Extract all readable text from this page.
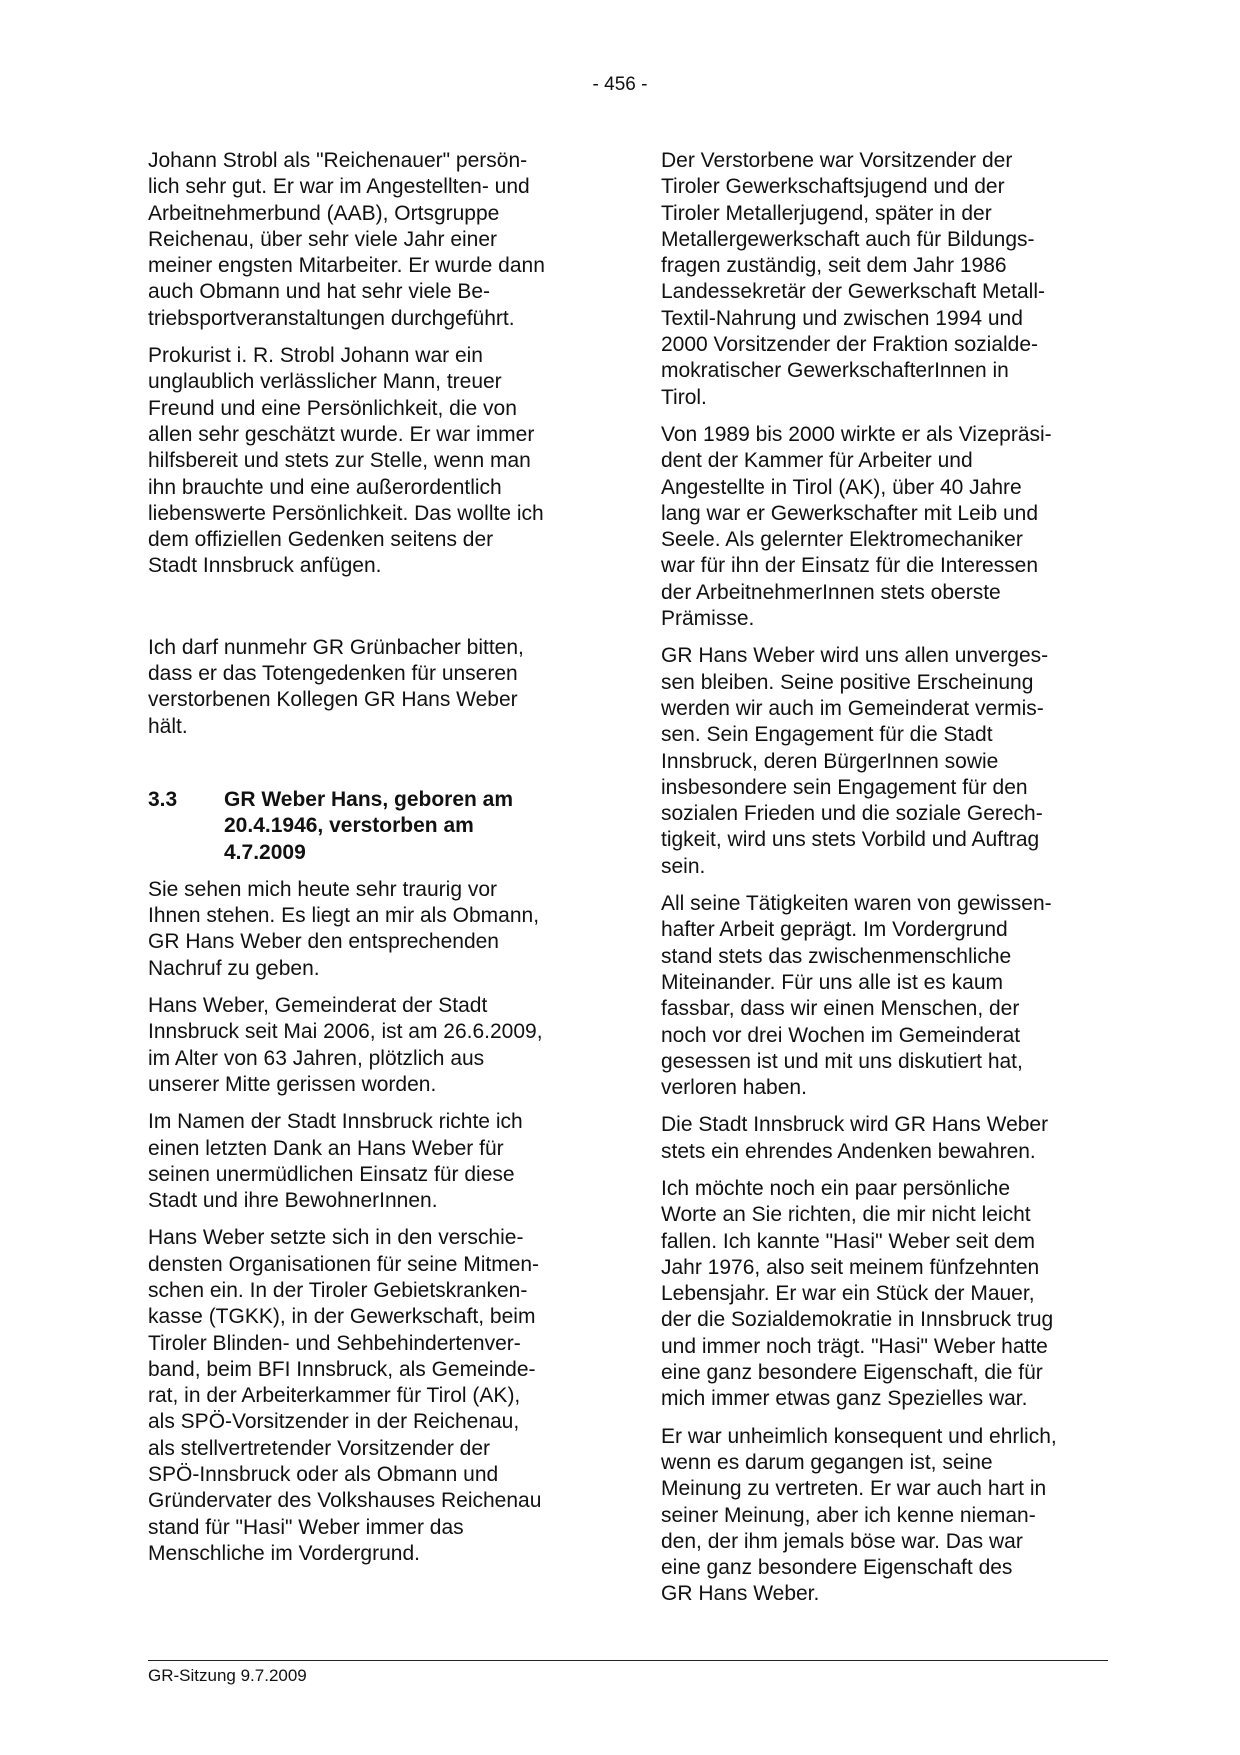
- 456 -

Johann Strobl als "Reichenauer" persön-
lich sehr gut. Er war im Angestellten- und
Arbeitnehmerbund (AAB), Ortsgruppe
Reichenau, über sehr viele Jahr einer
meiner engsten Mitarbeiter. Er wurde dann
auch Obmann und hat sehr viele Be-
triebsportveranstaltungen durchgeführt.

Prokurist i. R. Strobl Johann war ein
unglaublich verlässlicher Mann, treuer
Freund und eine Persönlichkeit, die von
allen sehr geschätzt wurde. Er war immer
hilfsbereit und stets zur Stelle, wenn man
ihn brauchte und eine außerordentlich
liebenswerte Persönlichkeit. Das wollte ich
dem offiziellen Gedenken seitens der
Stadt Innsbruck anfügen.

Ich darf nunmehr GR Grünbacher bitten,
dass er das Totengedenken für unseren
verstorbenen Kollegen GR Hans Weber
hält.

3.3	GR Weber Hans, geboren am
20.4.1946, verstorben am
4.7.2009

Sie sehen mich heute sehr traurig vor
Ihnen stehen. Es liegt an mir als Obmann,
GR Hans Weber den entsprechenden
Nachruf zu geben.

Hans Weber, Gemeinderat der Stadt
Innsbruck seit Mai 2006, ist am 26.6.2009,
im Alter von 63 Jahren, plötzlich aus
unserer Mitte gerissen worden.

Im Namen der Stadt Innsbruck richte ich
einen letzten Dank an Hans Weber für
seinen unermüdlichen Einsatz für diese
Stadt und ihre BewohnerInnen.

Hans Weber setzte sich in den verschie-
densten Organisationen für seine Mitmen-
schen ein. In der Tiroler Gebietskranken-
kasse (TGKK), in der Gewerkschaft, beim
Tiroler Blinden- und Sehbehindertenver-
band, beim BFI Innsbruck, als Gemeinde-
rat, in der Arbeiterkammer für Tirol (AK),
als SPÖ-Vorsitzender in der Reichenau,
als stellvertretender Vorsitzender der
SPÖ-Innsbruck oder als Obmann und
Gründervater des Volkshauses Reichenau
stand für "Hasi" Weber immer das
Menschliche im Vordergrund.

Der Verstorbene war Vorsitzender der
Tiroler Gewerkschaftsjugend und der
Tiroler Metallerjugend, später in der
Metallergewerkschaft auch für Bildungs-
fragen zuständig, seit dem Jahr 1986
Landessekretär der Gewerkschaft Metall-
Textil-Nahrung und zwischen 1994 und
2000 Vorsitzender der Fraktion sozialde-
mokratischer GewerkschafterInnen in
Tirol.

Von 1989 bis 2000 wirkte er als Vizepräsi-
dent der Kammer für Arbeiter und
Angestellte in Tirol (AK), über 40 Jahre
lang war er Gewerkschafter mit Leib und
Seele. Als gelernter Elektromechaniker
war für ihn der Einsatz für die Interessen
der ArbeitnehmerInnen stets oberste
Prämisse.

GR Hans Weber wird uns allen unverges-
sen bleiben. Seine positive Erscheinung
werden wir auch im Gemeinderat vermis-
sen. Sein Engagement für die Stadt
Innsbruck, deren BürgerInnen sowie
insbesondere sein Engagement für den
sozialen Frieden und die soziale Gerech-
tigkeit, wird uns stets Vorbild und Auftrag
sein.

All seine Tätigkeiten waren von gewissen-
hafter Arbeit geprägt. Im Vordergrund
stand stets das zwischenmenschliche
Miteinander. Für uns alle ist es kaum
fassbar, dass wir einen Menschen, der
noch vor drei Wochen im Gemeinderat
gesessen ist und mit uns diskutiert hat,
verloren haben.

Die Stadt Innsbruck wird GR Hans Weber
stets ein ehrendes Andenken bewahren.

Ich möchte noch ein paar persönliche
Worte an Sie richten, die mir nicht leicht
fallen. Ich kannte "Hasi" Weber seit dem
Jahr 1976, also seit meinem fünfzehnten
Lebensjahr. Er war ein Stück der Mauer,
der die Sozialdemokratie in Innsbruck trug
und immer noch trägt. "Hasi" Weber hatte
eine ganz besondere Eigenschaft, die für
mich immer etwas ganz Spezielles war.

Er war unheimlich konsequent und ehrlich,
wenn es darum gegangen ist, seine
Meinung zu vertreten. Er war auch hart in
seiner Meinung, aber ich kenne nieman-
den, der ihm jemals böse war. Das war
eine ganz besondere Eigenschaft des
GR Hans Weber.

GR-Sitzung 9.7.2009
